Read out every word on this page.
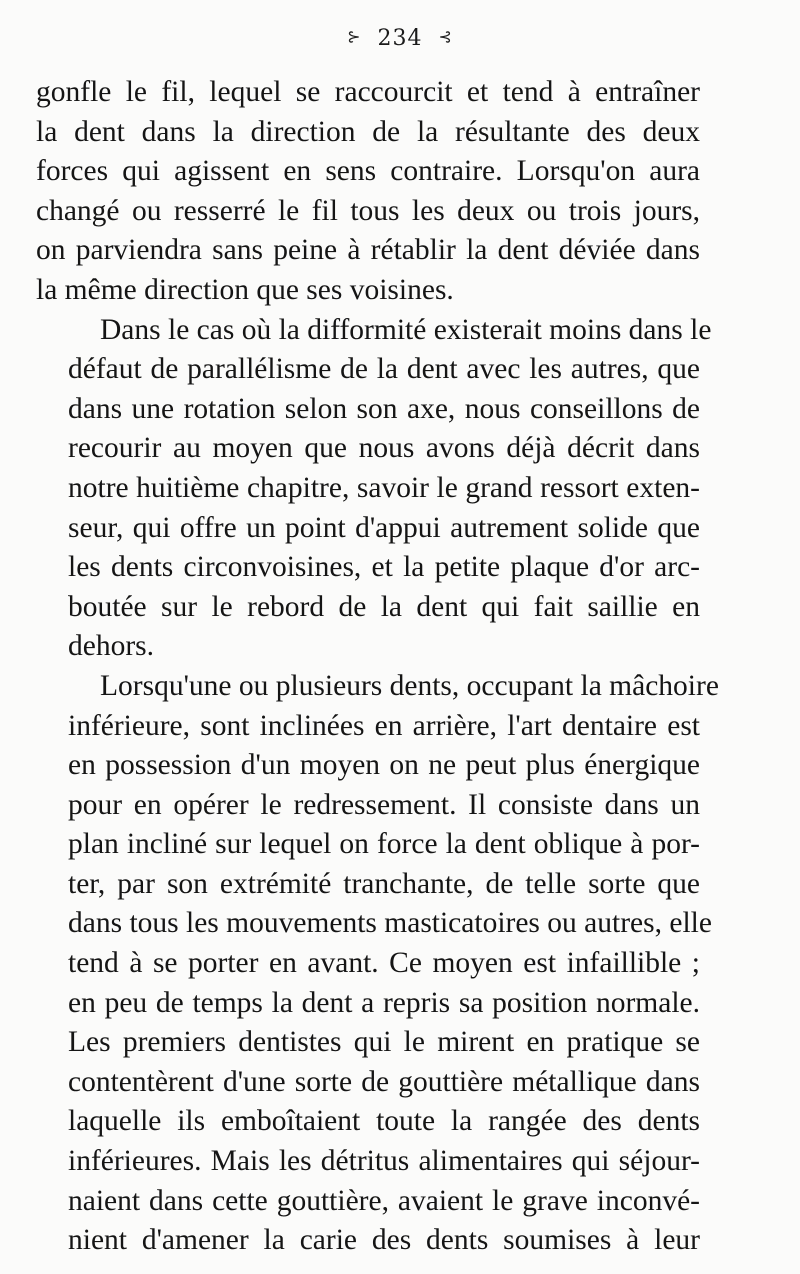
⊱ 234 ⊰
gonfle le fil, lequel se raccourcit et tend à entraîner
la dent dans la direction de la résultante des deux
forces qui agissent en sens contraire. Lorsqu'on aura
changé ou resserré le fil tous les deux ou trois jours,
on parviendra sans peine à rétablir la dent déviée dans
la même direction que ses voisines.
Dans le cas où la difformité existerait moins dans le
défaut de parallélisme de la dent avec les autres, que
dans une rotation selon son axe, nous conseillons de
recourir au moyen que nous avons déjà décrit dans
notre huitième chapitre, savoir le grand ressort exten-
seur, qui offre un point d'appui autrement solide que
les dents circonvoisines, et la petite plaque d'or arc-
boutée sur le rebord de la dent qui fait saillie en
dehors.
Lorsqu'une ou plusieurs dents, occupant la mâchoire
inférieure, sont inclinées en arrière, l'art dentaire est
en possession d'un moyen on ne peut plus énergique
pour en opérer le redressement. Il consiste dans un
plan incliné sur lequel on force la dent oblique à por-
ter, par son extrémité tranchante, de telle sorte que
dans tous les mouvements masticatoires ou autres, elle
tend à se porter en avant. Ce moyen est infaillible ;
en peu de temps la dent a repris sa position normale.
Les premiers dentistes qui le mirent en pratique se
contentèrent d'une sorte de gouttière métallique dans
laquelle ils emboîtaient toute la rangée des dents
inférieures. Mais les détritus alimentaires qui séjour-
naient dans cette gouttière, avaient le grave inconvé-
nient d'amener la carie des dents soumises à leur
